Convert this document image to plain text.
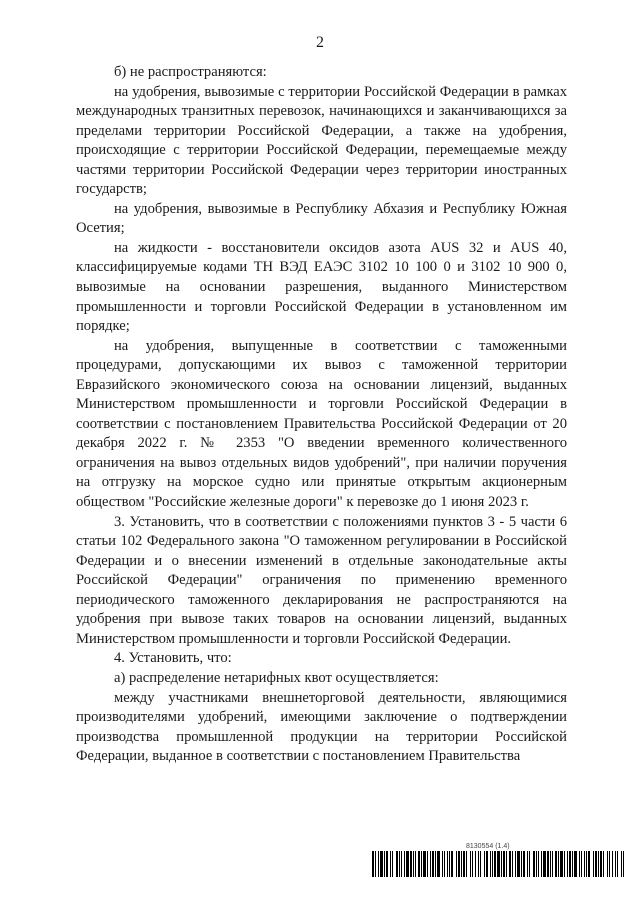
2

б) не распространяются:

на удобрения, вывозимые с территории Российской Федерации в рамках международных транзитных перевозок, начинающихся и заканчивающихся за пределами территории Российской Федерации, а также на удобрения, происходящие с территории Российской Федерации, перемещаемые между частями территории Российской Федерации через территории иностранных государств;

на удобрения, вывозимые в Республику Абхазия и Республику Южная Осетия;

на жидкости - восстановители оксидов азота AUS 32 и AUS 40, классифицируемые кодами ТН ВЭД ЕАЭС 3102 10 100 0 и 3102 10 900 0, вывозимые на основании разрешения, выданного Министерством промышленности и торговли Российской Федерации в установленном им порядке;

на удобрения, выпущенные в соответствии с таможенными процедурами, допускающими их вывоз с таможенной территории Евразийского экономического союза на основании лицензий, выданных Министерством промышленности и торговли Российской Федерации в соответствии с постановлением Правительства Российской Федерации от 20 декабря 2022 г. № 2353 "О введении временного количественного ограничения на вывоз отдельных видов удобрений", при наличии поручения на отгрузку на морское судно или принятые открытым акционерным обществом "Российские железные дороги" к перевозке до 1 июня 2023 г.

3. Установить, что в соответствии с положениями пунктов 3 - 5 части 6 статьи 102 Федерального закона "О таможенном регулировании в Российской Федерации и о внесении изменений в отдельные законодательные акты Российской Федерации" ограничения по применению временного периодического таможенного декларирования не распространяются на удобрения при вывозе таких товаров на основании лицензий, выданных Министерством промышленности и торговли Российской Федерации.

4. Установить, что:

а) распределение нетарифных квот осуществляется:

между участниками внешнеторговой деятельности, являющимися производителями удобрений, имеющими заключение о подтверждении производства промышленной продукции на территории Российской Федерации, выданное в соответствии с постановлением Правительства

8130554 (1.4)
